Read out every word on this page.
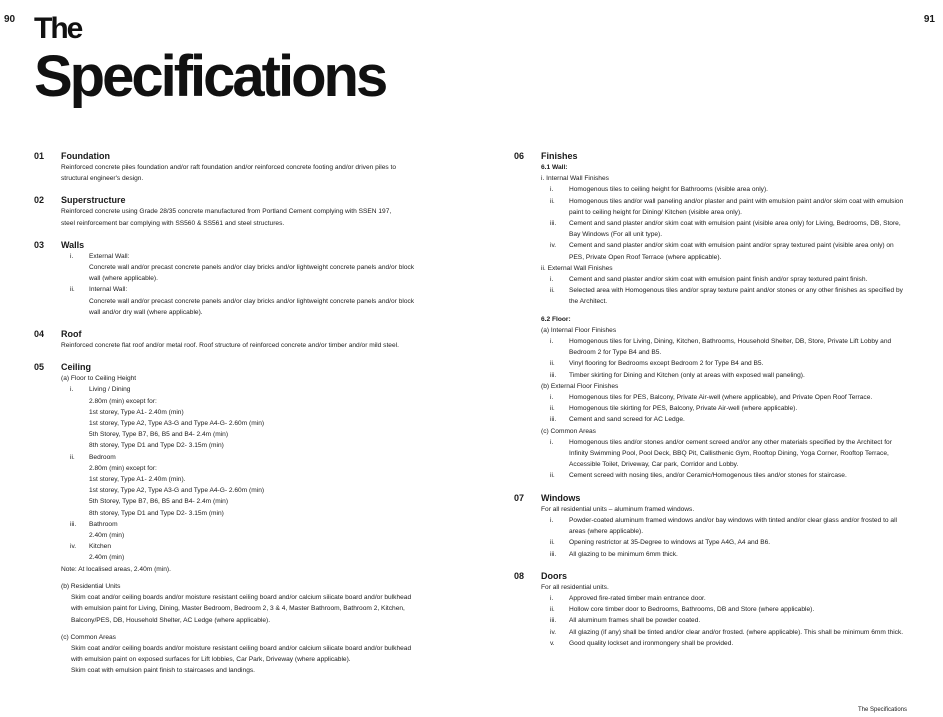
90	91
The
Specifications
01 Foundation
Reinforced concrete piles foundation and/or raft foundation and/or reinforced concrete footing and/or driven piles to
structural engineer's design.
02 Superstructure
Reinforced concrete using Grade 28/35 concrete manufactured from Portland Cement complying with SSEN 197,
steel reinforcement bar complying with SS560 & SS561 and steel structures.
03 Walls
i. External Wall:
Concrete wall and/or precast concrete panels and/or clay bricks and/or lightweight concrete panels and/or block
wall (where applicable).
ii. Internal Wall:
Concrete wall and/or precast concrete panels and/or clay bricks and/or lightweight concrete panels and/or block
wall and/or dry wall (where applicable).
04 Roof
Reinforced concrete flat roof and/or metal roof. Roof structure of reinforced concrete and/or timber and/or mild steel.
05 Ceiling
(a) Floor to Ceiling Height
i. Living / Dining
2.80m (min) except for:
1st storey, Type A1- 2.40m (min)
1st storey, Type A2, Type A3-G and Type A4-G- 2.60m (min)
5th Storey, Type B7, B6, B5 and B4- 2.4m (min)
8th storey, Type D1 and Type D2- 3.15m (min)
ii. Bedroom
2.80m (min) except for:
1st storey, Type A1- 2.40m (min).
1st storey, Type A2, Type A3-G and Type A4-G- 2.60m (min)
5th Storey, Type B7, B6, B5 and B4- 2.4m (min)
8th storey, Type D1 and Type D2- 3.15m (min)
iii. Bathroom
2.40m (min)
iv. Kitchen
2.40m (min)
Note: At localised areas, 2.40m (min).
(b) Residential Units
Skim coat and/or ceiling boards and/or moisture resistant ceiling board and/or calcium silicate board and/or bulkhead
with emulsion paint for Living, Dining, Master Bedroom, Bedroom 2, 3 & 4, Master Bathroom, Bathroom 2, Kitchen,
Balcony/PES, DB, Household Shelter, AC Ledge (where applicable).
(c) Common Areas
Skim coat and/or ceiling boards and/or moisture resistant ceiling board and/or calcium silicate board and/or bulkhead
with emulsion paint on exposed surfaces for Lift lobbies, Car Park, Driveway (where applicable).
Skim coat with emulsion paint finish to staircases and landings.
06 Finishes
6.1 Wall:
i. Internal Wall Finishes
i. Homogenous tiles to ceiling height for Bathrooms (visible area only).
ii. Homogenous tiles and/or wall paneling and/or plaster and paint with emulsion paint and/or skim coat with emulsion
paint to ceiling height for Dining/ Kitchen (visible area only).
iii. Cement and sand plaster and/or skim coat with emulsion paint (visible area only) for Living, Bedrooms, DB, Store,
Bay Windows (For all unit type).
iv. Cement and sand plaster and/or skim coat with emulsion paint and/or spray textured paint (visible area only) on
PES, Private Open Roof Terrace (where applicable).
ii. External Wall Finishes
i. Cement and sand plaster and/or skim coat with emulsion paint finish and/or spray textured paint finish.
ii. Selected area with Homogenous tiles and/or spray texture paint and/or stones or any other finishes as specified by
the Architect.
6.2 Floor:
(a) Internal Floor Finishes
i. Homogenous tiles for Living, Dining, Kitchen, Bathrooms, Household Shelter, DB, Store, Private Lift Lobby and
Bedroom 2 for Type B4 and B5.
ii. Vinyl flooring for Bedrooms except Bedroom 2 for Type B4 and B5.
iii. Timber skirting for Dining and Kitchen (only at areas with exposed wall paneling).
(b) External Floor Finishes
i. Homogenous tiles for PES, Balcony, Private Air-well (where applicable), and Private Open Roof Terrace.
ii. Homogenous tile skirting for PES, Balcony, Private Air-well (where applicable).
iii. Cement and sand screed for AC Ledge.
(c) Common Areas
i. Homogenous tiles and/or stones and/or cement screed and/or any other materials specified by the Architect for
Infinity Swimming Pool, Pool Deck, BBQ Pit, Callisthenic Gym, Rooftop Dining, Yoga Corner, Rooftop Terrace,
Accessible Toilet, Driveway, Car park, Corridor and Lobby.
ii. Cement screed with nosing tiles, and/or Ceramic/Homogenous tiles and/or stones for staircase.
07 Windows
For all residential units – aluminum framed windows.
i. Powder-coated aluminum framed windows and/or bay windows with tinted and/or clear glass and/or frosted to all
areas (where applicable).
ii. Opening restrictor at 35-Degree to windows at Type A4G, A4 and B6.
iii. All glazing to be minimum 6mm thick.
08 Doors
For all residential units.
i. Approved fire-rated timber main entrance door.
ii. Hollow core timber door to Bedrooms, Bathrooms, DB and Store (where applicable).
iii. All aluminum frames shall be powder coated.
iv. All glazing (if any) shall be tinted and/or clear and/or frosted. (where applicable). This shall be minimum 6mm thick.
v. Good quality lockset and ironmongery shall be provided.
The Specifications
